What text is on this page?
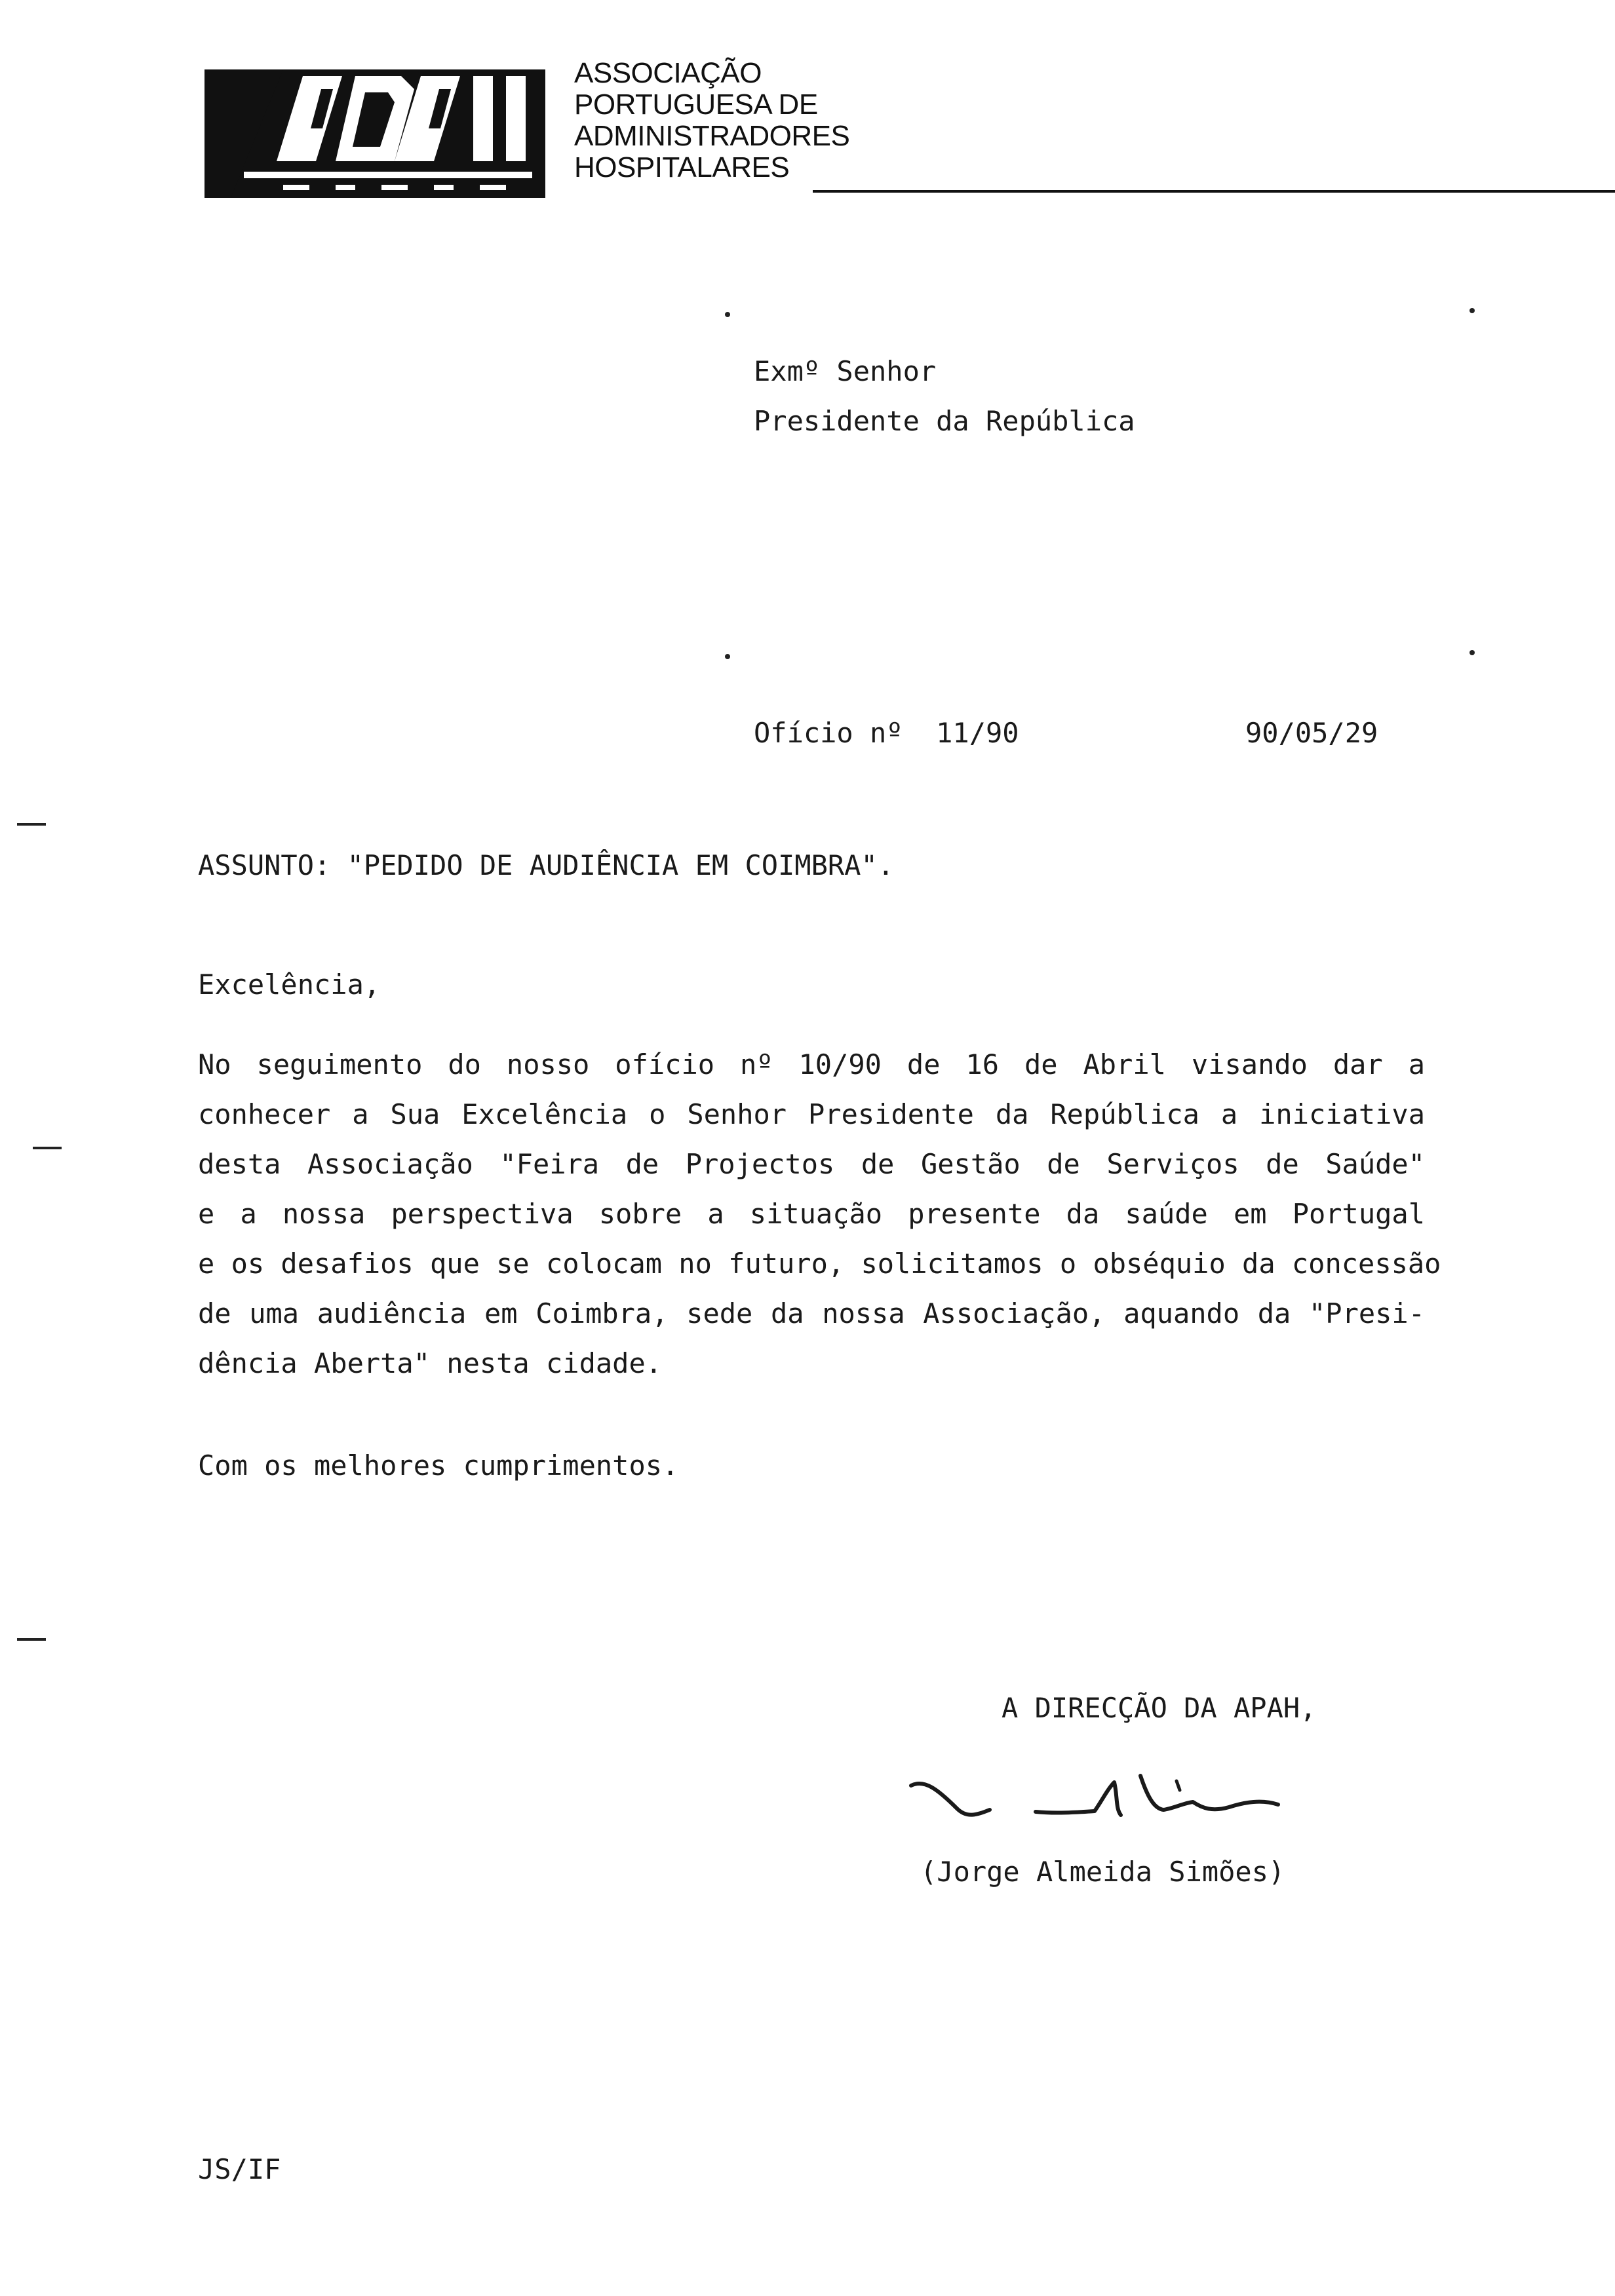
ASSOCIAÇÃO
PORTUGUESA DE
ADMINISTRADORES
HOSPITALARES
Exmº Senhor
Presidente da República
Ofício nº  11/90	90/05/29
ASSUNTO: "PEDIDO DE AUDIÊNCIA EM COIMBRA".
Excelência,
No seguimento do nosso ofício nº 10/90 de 16 de Abril visando dar a
conhecer a Sua Excelência o Senhor Presidente da República a iniciativa
desta Associação "Feira de Projectos de Gestão de Serviços de Saúde"
e a nossa perspectiva sobre a situação presente da saúde em Portugal
e os desafios que se colocam no futuro, solicitamos o obséquio da concessão
de uma audiência em Coimbra, sede da nossa Associação, aquando da "Presi-
dência Aberta" nesta cidade.
Com os melhores cumprimentos.
A DIRECÇÃO DA APAH,
(Jorge Almeida Simões)
JS/IF
